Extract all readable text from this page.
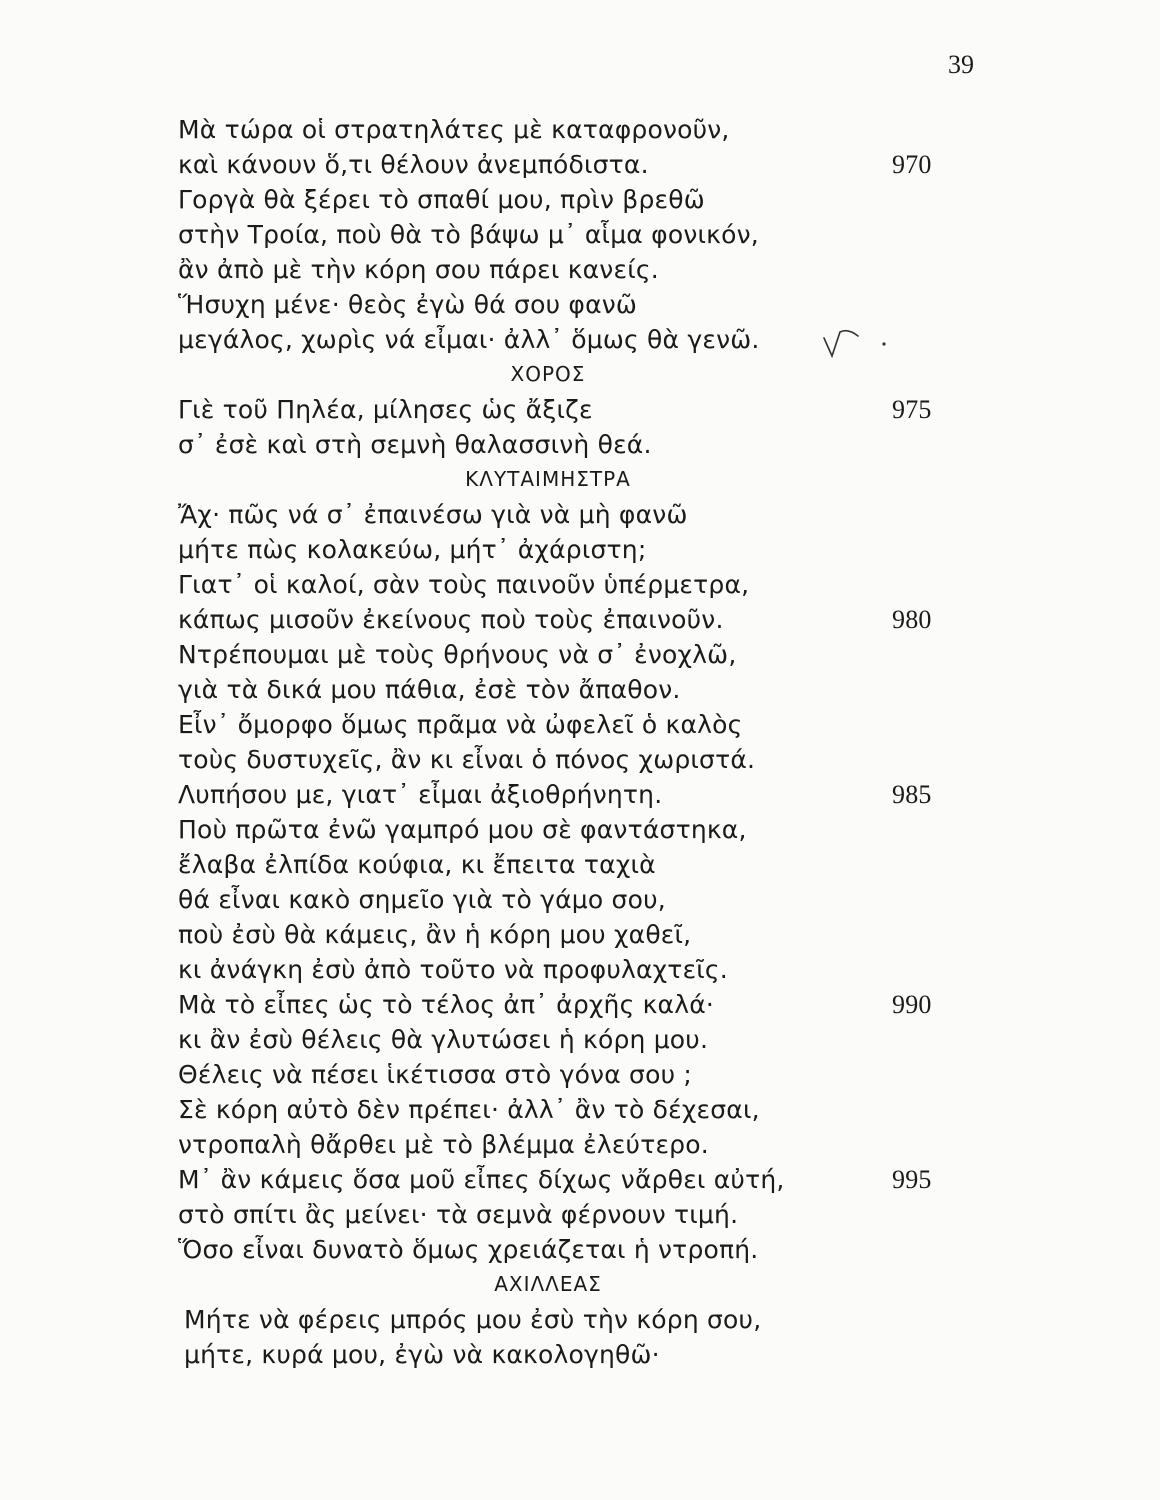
39
Μὰ τώρα οἱ στρατηλάτες μὲ καταφρονοῦν,
καὶ κάνουν ὅ,τι θέλουν ἀνεμπόδιστα.	970
Γοργὰ θὰ ξέρει τὸ σπαθί μου, πρὶν βρεθῶ
στὴν Τροία, ποὺ θὰ τὸ βάψω μ᾿ αἷμα φονικόν,
ἂν ἀπὸ μὲ τὴν κόρη σου πάρει κανείς.
Ἥσυχη μένε· θεὸς ἐγὼ θά σου φανῶ
μεγάλος, χωρὶς νά εἶμαι· ἀλλ᾿ ὅμως θὰ γενῶ.
ΧΟΡΟΣ
Γιὲ τοῦ Πηλέα, μίλησες ὡς ἄξιζε	975
σ᾿ ἐσὲ καὶ στὴ σεμνὴ θαλασσινὴ θεά.
ΚΛΥΤΑΙΜΗΣΤΡΑ
Ἄχ· πῶς νά σ᾿ ἐπαινέσω γιὰ νὰ μὴ φανῶ
μήτε πὼς κολακεύω, μήτ᾿ ἀχάριστη;
Γιατ᾿ οἱ καλοί, σὰν τοὺς παινοῦν ὑπέρμετρα,
κάπως μισοῦν ἐκείνους ποὺ τοὺς ἐπαινοῦν.	980
Ντρέπουμαι μὲ τοὺς θρήνους νὰ σ᾿ ἐνοχλῶ,
γιὰ τὰ δικά μου πάθια, ἐσὲ τὸν ἄπαθον.
Εἶν᾿ ὄμορφο ὅμως πρᾶμα νὰ ὠφελεῖ ὁ καλὸς
τοὺς δυστυχεῖς, ἂν κι εἶναι ὁ πόνος χωριστά.
Λυπήσου με, γιατ᾿ εἶμαι ἀξιοθρήνητη.	985
Ποὺ πρῶτα ἐνῶ γαμπρό μου σὲ φαντάστηκα,
ἔλαβα ἐλπίδα κούφια, κι ἔπειτα ταχιὰ
θά εἶναι κακὸ σημεῖο γιὰ τὸ γάμο σου,
ποὺ ἐσὺ θὰ κάμεις, ἂν ἡ κόρη μου χαθεῖ,
κι ἀνάγκη ἐσὺ ἀπὸ τοῦτο νὰ προφυλαχτεῖς.
Μὰ τὸ εἶπες ὡς τὸ τέλος ἀπ᾿ ἀρχῆς καλά·	990
κι ἂν ἐσὺ θέλεις θὰ γλυτώσει ἡ κόρη μου.
Θέλεις νὰ πέσει ἱκέτισσα στὸ γόνα σου ;
Σὲ κόρη αὐτὸ δὲν πρέπει· ἀλλ᾿ ἂν τὸ δέχεσαι,
ντροπαλὴ θἄρθει μὲ τὸ βλέμμα ἐλεύτερο.
Μ᾿ ἂν κάμεις ὅσα μοῦ εἶπες δίχως νἄρθει αὐτή,	995
στὸ σπίτι ἂς μείνει· τὰ σεμνὰ φέρνουν τιμή.
Ὅσο εἶναι δυνατὸ ὅμως χρειάζεται ἡ ντροπή.
ΑΧΙΛΛΕΑΣ
Μήτε νὰ φέρεις μπρός μου ἐσὺ τὴν κόρη σου,
μήτε, κυρά μου, ἐγὼ νὰ κακολογηθῶ·
